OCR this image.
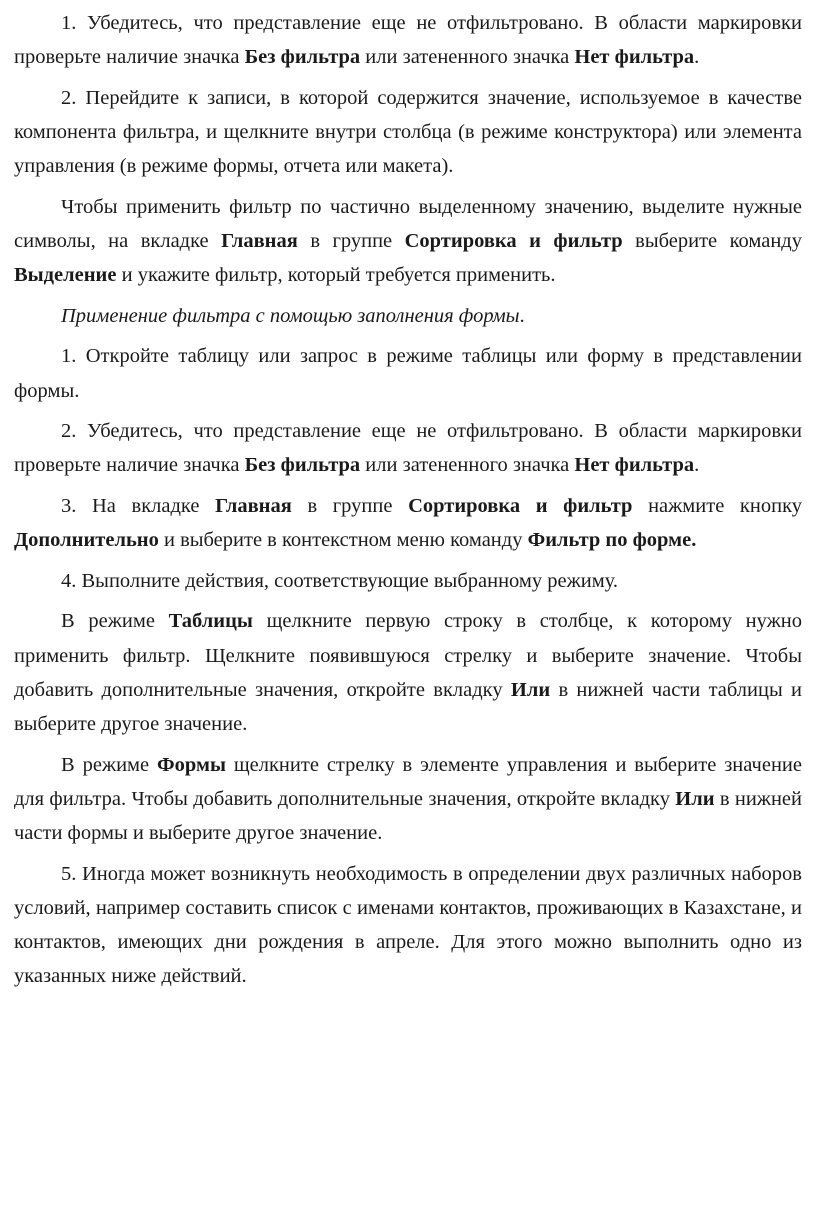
1. Убедитесь, что представление еще не отфильтровано. В области маркировки проверьте наличие значка Без фильтра или затененного значка Нет фильтра.

2. Перейдите к записи, в которой содержится значение, используемое в качестве компонента фильтра, и щелкните внутри столбца (в режиме конструктора) или элемента управления (в режиме формы, отчета или макета).

Чтобы применить фильтр по частично выделенному значению, выделите нужные символы, на вкладке Главная в группе Сортировка и фильтр выберите команду Выделение и укажите фильтр, который требуется применить.

Применение фильтра с помощью заполнения формы.

1. Откройте таблицу или запрос в режиме таблицы или форму в представлении формы.

2. Убедитесь, что представление еще не отфильтровано. В области маркировки проверьте наличие значка Без фильтра или затененного значка Нет фильтра.

3. На вкладке Главная в группе Сортировка и фильтр нажмите кнопку Дополнительно и выберите в контекстном меню команду Фильтр по форме.

4. Выполните действия, соответствующие выбранному режиму.

В режиме Таблицы щелкните первую строку в столбце, к которому нужно применить фильтр. Щелкните появившуюся стрелку и выберите значение. Чтобы добавить дополнительные значения, откройте вкладку Или в нижней части таблицы и выберите другое значение.

В режиме Формы щелкните стрелку в элементе управления и выберите значение для фильтра. Чтобы добавить дополнительные значения, откройте вкладку Или в нижней части формы и выберите другое значение.

5. Иногда может возникнуть необходимость в определении двух различных наборов условий, например составить список с именами контактов, проживающих в Казахстане, и контактов, имеющих дни рождения в апреле. Для этого можно выполнить одно из указанных ниже действий.
